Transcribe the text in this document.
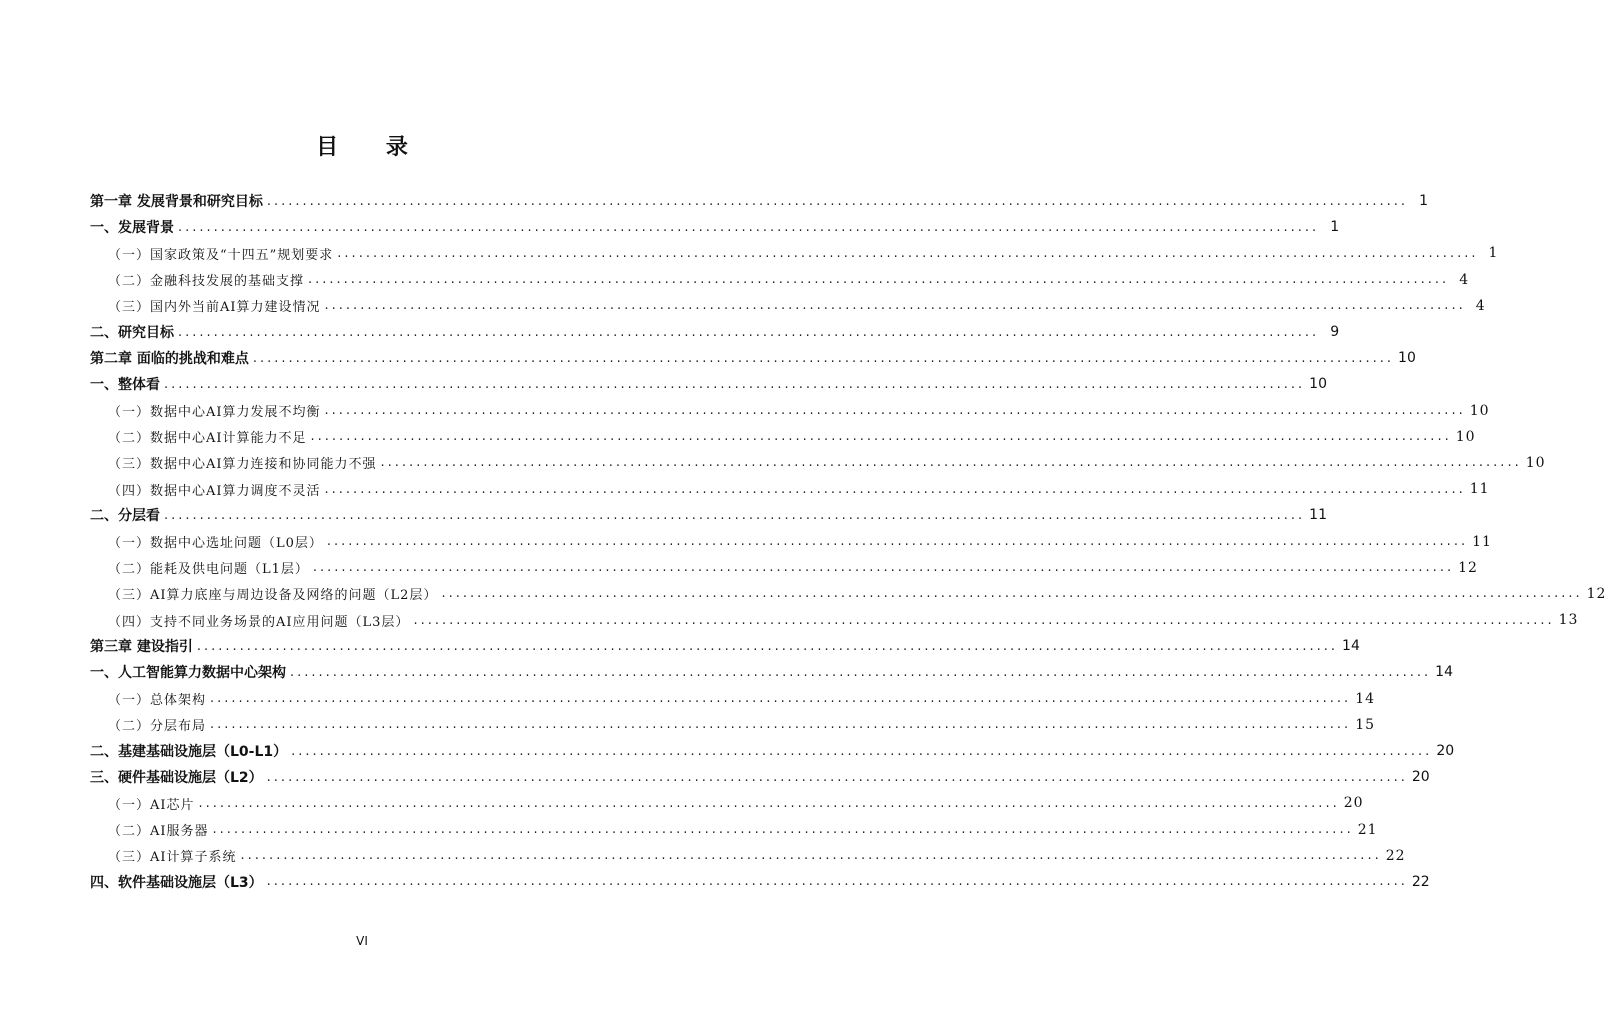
目 录
第一章 发展背景和研究目标 ................................................................................................................................................................ 1
一、发展背景 ................................................................................................................................................................ 1
（一）国家政策及“十四五”规划要求 ................................................................................................................................................................ 1
（二）金融科技发展的基础支撑 ................................................................................................................................................................ 4
（三）国内外当前AI算力建设情况 ................................................................................................................................................................ 4
二、研究目标 ................................................................................................................................................................ 9
第二章 面临的挑战和难点 ................................................................................................................................................................ 10
一、整体看 ................................................................................................................................................................ 10
（一）数据中心AI算力发展不均衡 ................................................................................................................................................................ 10
（二）数据中心AI计算能力不足 ................................................................................................................................................................ 10
（三）数据中心AI算力连接和协同能力不强 ................................................................................................................................................................ 10
（四）数据中心AI算力调度不灵活 ................................................................................................................................................................ 11
二、分层看 ................................................................................................................................................................ 11
（一）数据中心选址问题（L0层） ................................................................................................................................................................ 11
（二）能耗及供电问题（L1层） ................................................................................................................................................................ 12
（三）AI算力底座与周边设备及网络的问题（L2层） ................................................................................................................................................................ 12
（四）支持不同业务场景的AI应用问题（L3层） ................................................................................................................................................................ 13
第三章 建设指引 ................................................................................................................................................................ 14
一、人工智能算力数据中心架构 ................................................................................................................................................................ 14
（一）总体架构 ................................................................................................................................................................ 14
（二）分层布局 ................................................................................................................................................................ 15
二、基建基础设施层（L0-L1） ................................................................................................................................................................ 20
三、硬件基础设施层（L2） ................................................................................................................................................................ 20
（一）AI芯片 ................................................................................................................................................................ 20
（二）AI服务器 ................................................................................................................................................................ 21
（三）AI计算子系统 ................................................................................................................................................................ 22
四、软件基础设施层（L3） ................................................................................................................................................................ 22
VI
